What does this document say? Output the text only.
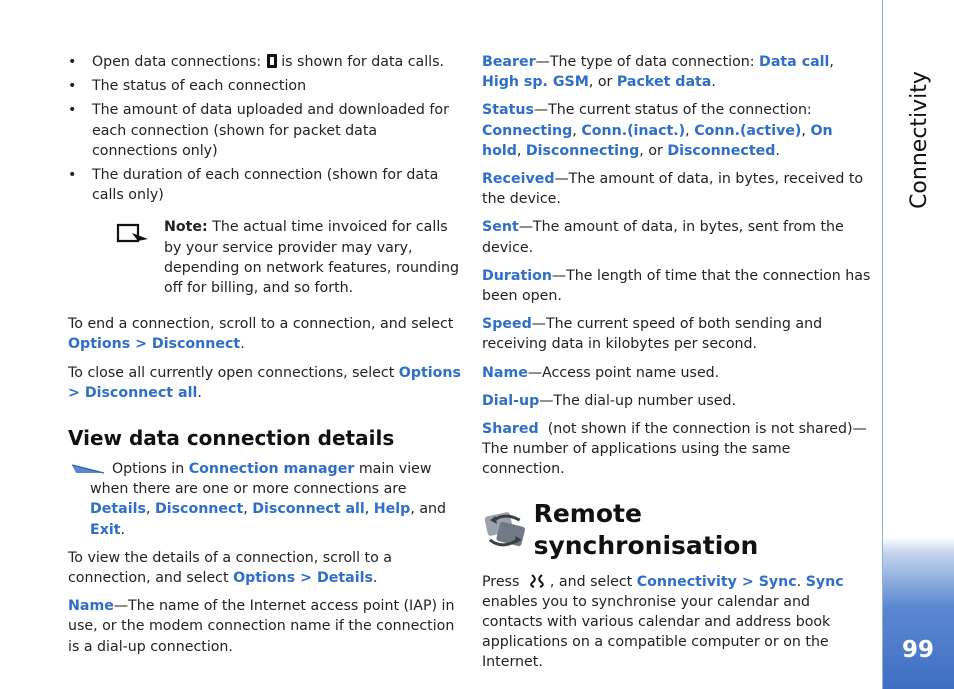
• Open data connections: is shown for data calls.
• The status of each connection
• The amount of data uploaded and downloaded for each connection (shown for packet data connections only)
• The duration of each connection (shown for data calls only)
Note: The actual time invoiced for calls by your service provider may vary, depending on network features, rounding off for billing, and so forth.

To end a connection, scroll to a connection, and select Options > Disconnect.

To close all currently open connections, select Options > Disconnect all.

View data connection details
Options in Connection manager main view when there are one or more connections are Details, Disconnect, Disconnect all, Help, and Exit.

To view the details of a connection, scroll to a connection, and select Options > Details.

Name—The name of the Internet access point (IAP) in use, or the modem connection name if the connection is a dial-up connection.

Bearer—The type of data connection: Data call, High sp. GSM, or Packet data.

Status—The current status of the connection: Connecting, Conn.(inact.), Conn.(active), On hold, Disconnecting, or Disconnected.

Received—The amount of data, in bytes, received to the device.

Sent—The amount of data, in bytes, sent from the device.

Duration—The length of time that the connection has been open.

Speed—The current speed of both sending and receiving data in kilobytes per second.

Name—Access point name used.

Dial-up—The dial-up number used.

Shared  (not shown if the connection is not shared)—The number of applications using the same connection.

Remote synchronisation

Press , and select Connectivity > Sync. Sync enables you to synchronise your calendar and contacts with various calendar and address book applications on a compatible computer or on the Internet.

Connectivity
99
